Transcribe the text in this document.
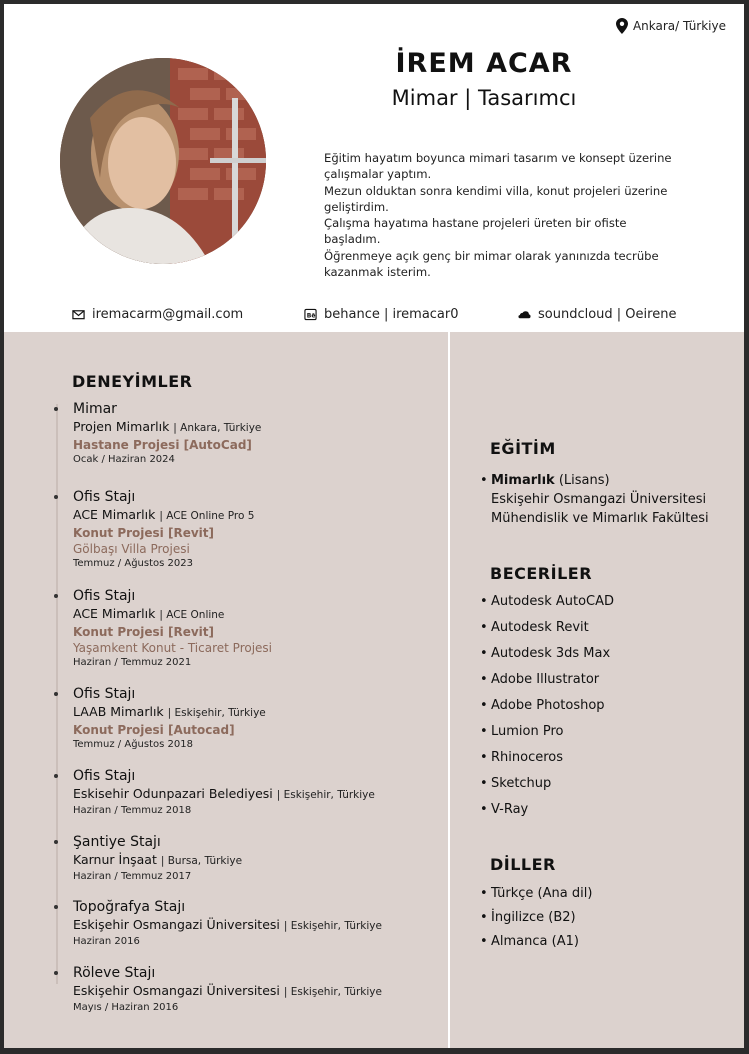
Ankara/ Türkiye
İREM ACAR
Mimar | Tasarımcı

Eğitim hayatım boyunca mimari tasarım ve konsept üzerine çalışmalar yaptım.

Mezun olduktan sonra kendimi villa, konut projeleri üzerine geliştirdim.

Çalışma hayatıma hastane projeleri üreten bir ofiste başladım.

Öğrenmeye açık genç bir mimar olarak yanınızda tecrübe kazanmak isterim.

iremacarm@gmail.com	Bē behance | iremacar0	soundcloud | Oeirene
DENEYİMLER
Mimar
Projen Mimarlık | Ankara, Türkiye
Hastane Projesi [AutoCad]
Ocak / Haziran 2024
Ofis Stajı
ACE Mimarlık | ACE Online Pro 5
Konut Projesi [Revit]
Gölbaşı Villa Projesi
Temmuz / Ağustos 2023
Ofis Stajı
ACE Mimarlık | ACE Online
Konut Projesi [Revit]
Yaşamkent Konut - Ticaret Projesi
Haziran / Temmuz 2021
Ofis Stajı
LAAB Mimarlık | Eskişehir, Türkiye
Konut Projesi [Autocad]
Temmuz / Ağustos 2018
Ofis Stajı
Eskisehir Odunpazari Belediyesi | Eskişehir, Türkiye
Haziran / Temmuz 2018
Şantiye Stajı
Karnur İnşaat | Bursa, Türkiye
Haziran / Temmuz 2017
Topoğrafya Stajı
Eskişehir Osmangazi Üniversitesi | Eskişehir, Türkiye
Haziran 2016
Röleve Stajı
Eskişehir Osmangazi Üniversitesi | Eskişehir, Türkiye
Mayıs / Haziran 2016
EĞİTİM
• Mimarlık (Lisans)
Eskişehir Osmangazi Üniversitesi
Mühendislik ve Mimarlık Fakültesi
BECERİLER
• Autodesk AutoCAD
• Autodesk Revit
• Autodesk 3ds Max
• Adobe Illustrator
• Adobe Photoshop
• Lumion Pro
• Rhinoceros
• Sketchup
• V-Ray
DİLLER
• Türkçe (Ana dil)
• İngilizce (B2)
• Almanca (A1)
